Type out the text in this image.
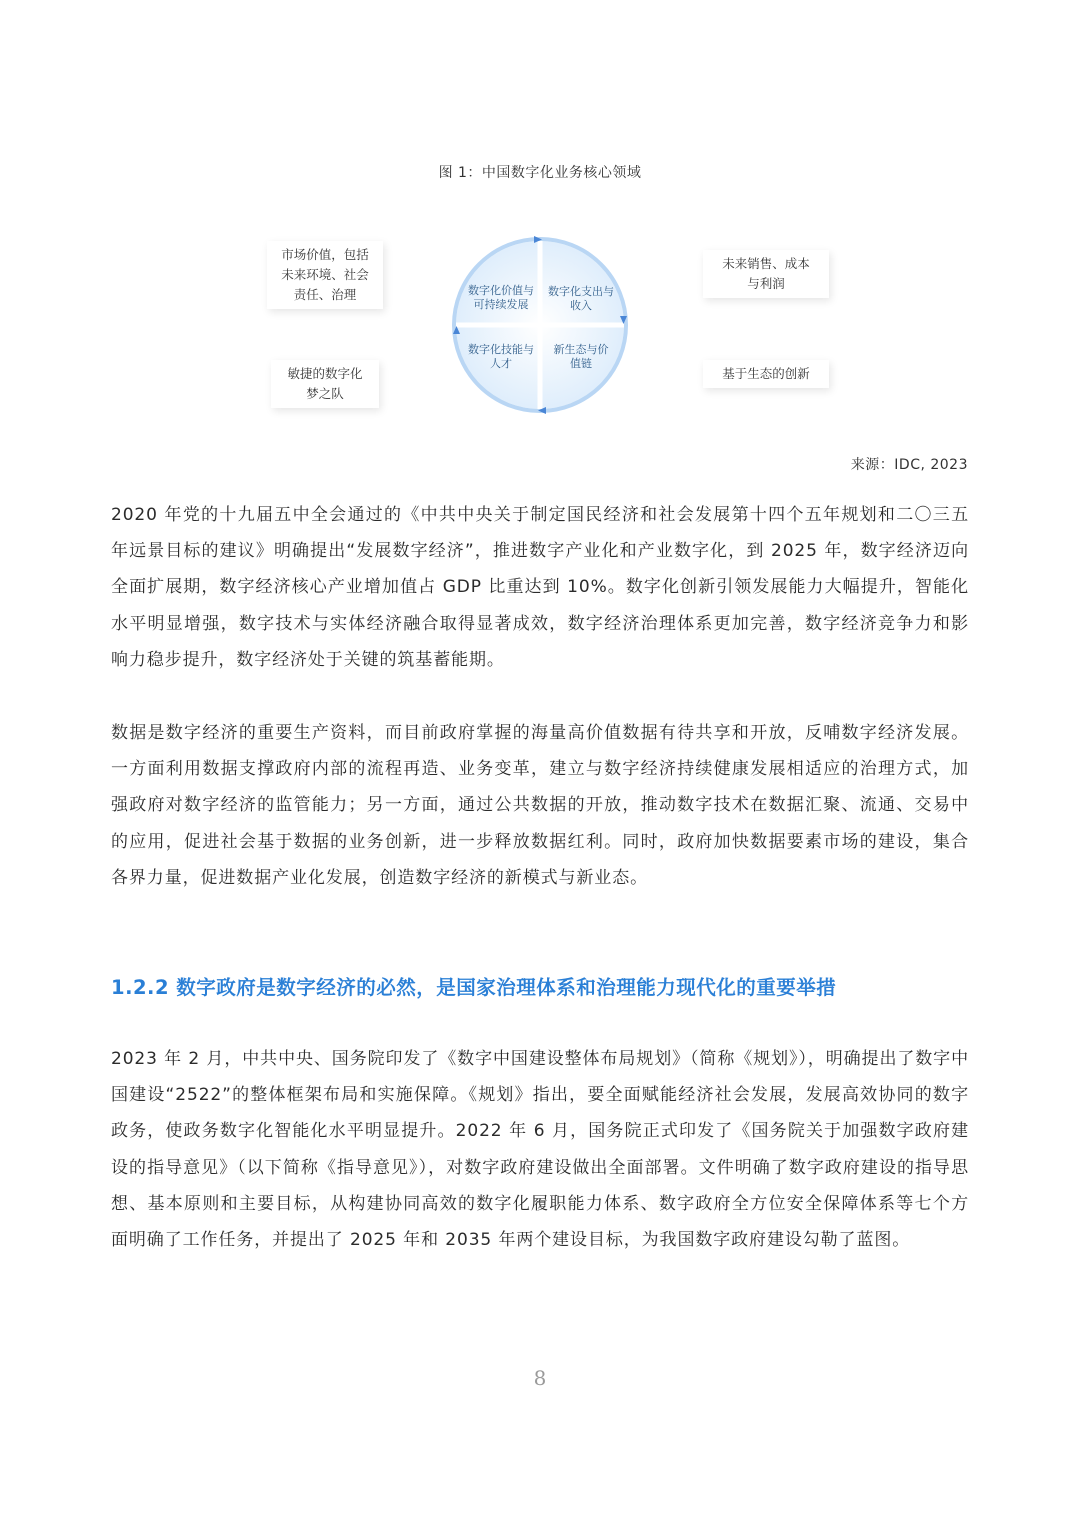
图 1：中国数字化业务核心领域
市场价值，包括
未来环境、社会
责任、治理
敏捷的数字化
梦之队
未来销售、成本
与利润
基于生态的创新
数字化价值与
可持续发展
数字化支出与
收入
数字化技能与
人才
新生态与价
值链
来源：IDC, 2023

2020 年党的十九届五中全会通过的《中共中央关于制定国民经济和社会发展第十四个五年规划和二〇三五年远景目标的建议》明确提出“发展数字经济”，推进数字产业化和产业数字化，到 2025 年，数字经济迈向全面扩展期，数字经济核心产业增加值占 GDP 比重达到 10%。数字化创新引领发展能力大幅提升，智能化水平明显增强，数字技术与实体经济融合取得显著成效，数字经济治理体系更加完善，数字经济竞争力和影响力稳步提升，数字经济处于关键的筑基蓄能期。

数据是数字经济的重要生产资料，而目前政府掌握的海量高价值数据有待共享和开放，反哺数字经济发展。一方面利用数据支撑政府内部的流程再造、业务变革，建立与数字经济持续健康发展相适应的治理方式，加强政府对数字经济的监管能力；另一方面，通过公共数据的开放，推动数字技术在数据汇聚、流通、交易中的应用，促进社会基于数据的业务创新，进一步释放数据红利。同时，政府加快数据要素市场的建设，集合各界力量，促进数据产业化发展，创造数字经济的新模式与新业态。

1.2.2 数字政府是数字经济的必然，是国家治理体系和治理能力现代化的重要举措

2023 年 2 月，中共中央、国务院印发了《数字中国建设整体布局规划》（简称《规划》），明确提出了数字中国建设“2522”的整体框架布局和实施保障。《规划》指出，要全面赋能经济社会发展，发展高效协同的数字政务，使政务数字化智能化水平明显提升。2022 年 6 月，国务院正式印发了《国务院关于加强数字政府建设的指导意见》（以下简称《指导意见》），对数字政府建设做出全面部署。文件明确了数字政府建设的指导思想、基本原则和主要目标，从构建协同高效的数字化履职能力体系、数字政府全方位安全保障体系等七个方面明确了工作任务，并提出了 2025 年和 2035 年两个建设目标，为我国数字政府建设勾勒了蓝图。

8
